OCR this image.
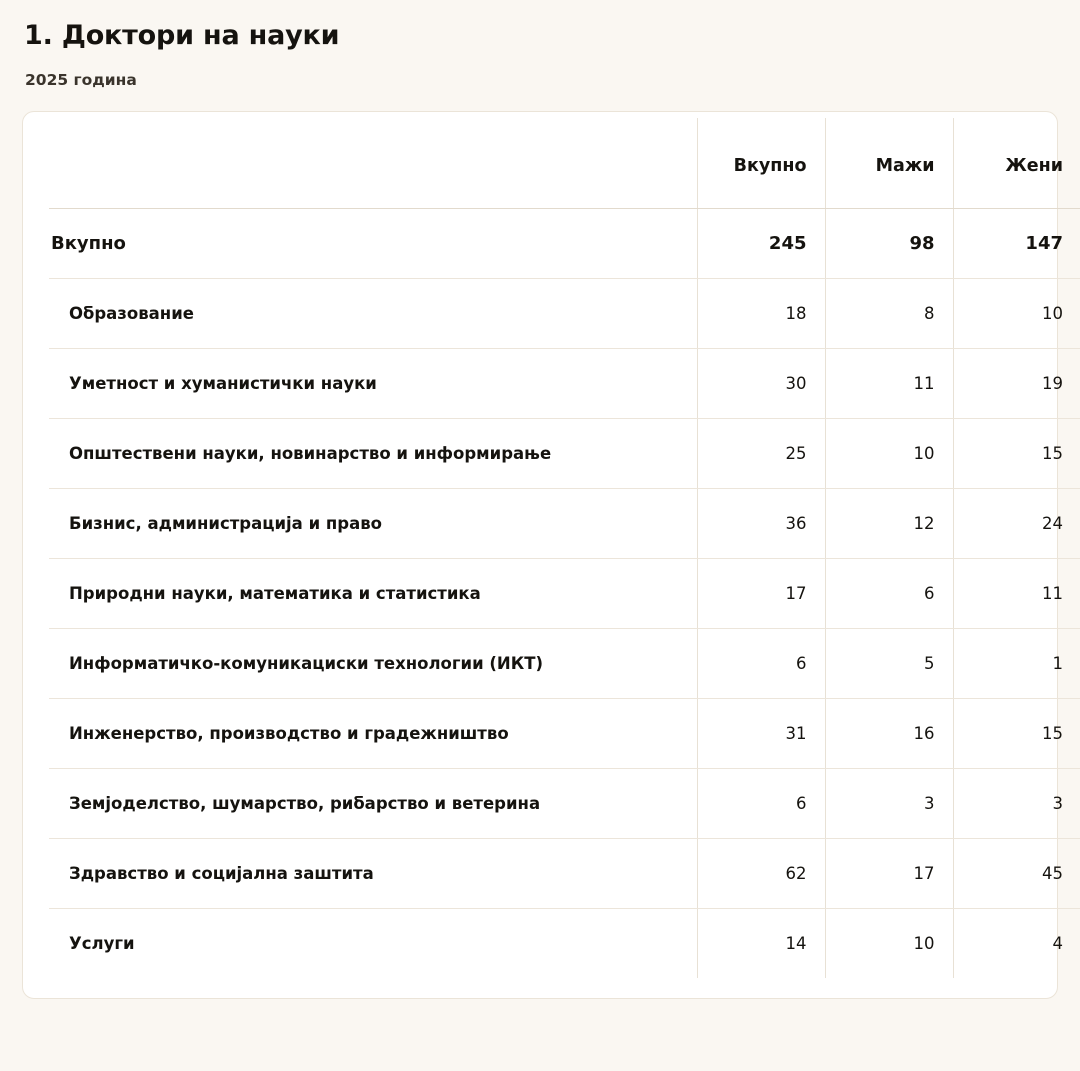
1. Доктори на науки
2025 година
	Вкупно	Мажи	Жени
Вкупно	245	98	147
Образование	18	8	10
Уметност и хуманистички науки	30	11	19
Општествени науки, новинарство и информирање	25	10	15
Бизнис, администрација и право	36	12	24
Природни науки, математика и статистика	17	6	11
Информатичко-комуникациски технологии (ИКТ)	6	5	1
Инженерство, производство и градежништво	31	16	15
Земјоделство, шумарство, рибарство и ветерина	6	3	3
Здравство и социјална заштита	62	17	45
Услуги	14	10	4
